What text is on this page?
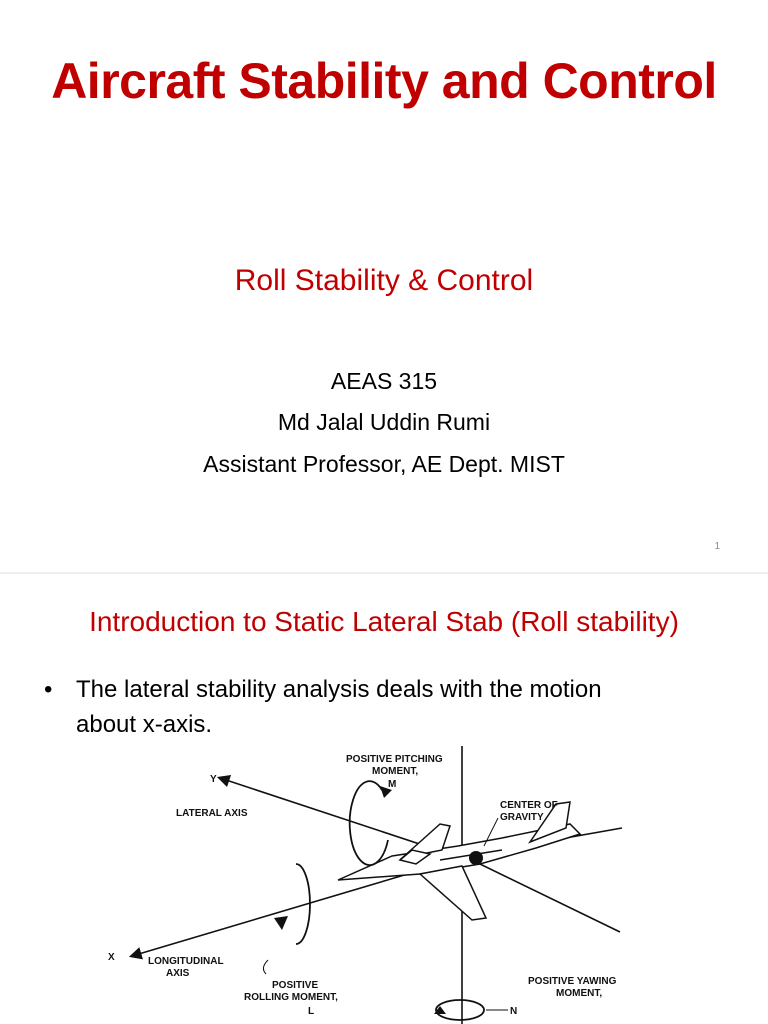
Aircraft Stability and Control
Roll Stability & Control
AEAS 315
Md Jalal Uddin Rumi
Assistant Professor, AE Dept. MIST
1
Introduction to Static Lateral Stab (Roll stability)
• The lateral stability analysis deals with the motion
about x-axis.
Y
X
LATERAL AXIS
POSITIVE PITCHING
MOMENT,
M
CENTER OF
GRAVITY
LONGITUDINAL
AXIS
POSITIVE
ROLLING MOMENT,
L
POSITIVE YAWING
MOMENT,
N
